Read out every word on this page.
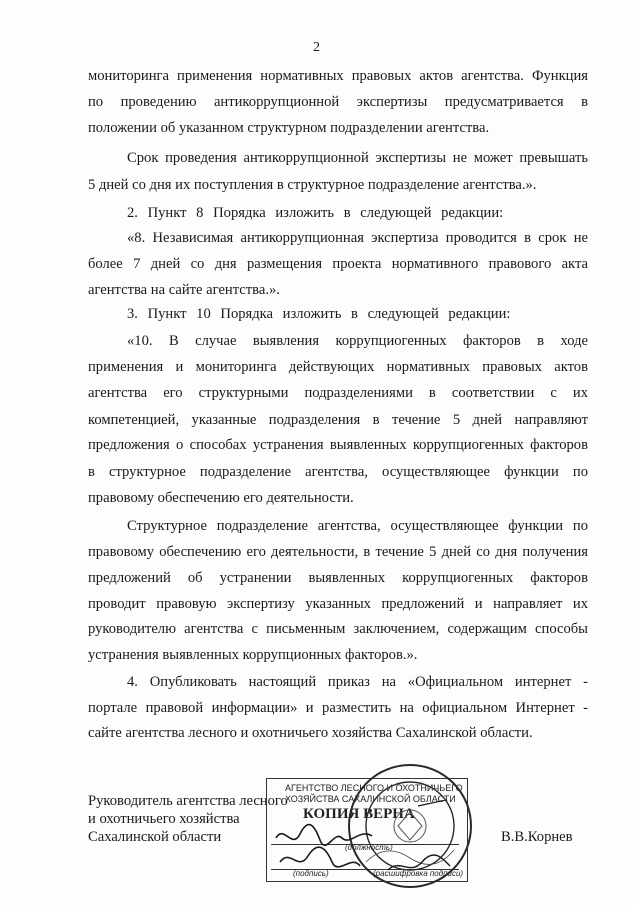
2
мониторинга применения нормативных правовых актов агентства. Функция
по проведению антикоррупционной экспертизы предусматривается в
положении об указанном структурном подразделении агентства.
Срок проведения антикоррупционной экспертизы не может превышать
5 дней со дня их поступления в структурное подразделение агентства.».
2. Пункт 8 Порядка изложить в следующей редакции:
«8. Независимая антикоррупционная экспертиза проводится в срок не
более 7 дней со дня размещения проекта нормативного правового акта
агентства на сайте агентства.».
3. Пункт 10 Порядка изложить в следующей редакции:
«10. В случае выявления коррупциогенных факторов в ходе
применения и мониторинга действующих нормативных правовых актов
агентства его структурными подразделениями в соответствии с их
компетенцией, указанные подразделения в течение 5 дней направляют
предложения о способах устранения выявленных коррупциогенных факторов
в структурное подразделение агентства, осуществляющее функции по
правовому обеспечению его деятельности.
Структурное подразделение агентства, осуществляющее функции по
правовому обеспечению его деятельности, в течение 5 дней со дня получения
предложений об устранении выявленных коррупциогенных факторов
проводит правовую экспертизу указанных предложений и направляет их
руководителю агентства с письменным заключением, содержащим способы
устранения выявленных коррупционных факторов.».
4. Опубликовать настоящий приказ на «Официальном интернет -
портале правовой информации» и разместить на официальном Интернет -
сайте агентства лесного и охотничьего хозяйства Сахалинской области.
Руководитель агентства лесного
и охотничьего хозяйства
Сахалинской области	В.В.Корнев
АГЕНТСТВО ЛЕСНОГО И ОХОТНИЧЬЕГО
ХОЗЯЙСТВА САХАЛИНСКОЙ ОБЛАСТИ
КОПИЯ ВЕРНА
(должность)
(подпись)	(расшифровка подписи)
